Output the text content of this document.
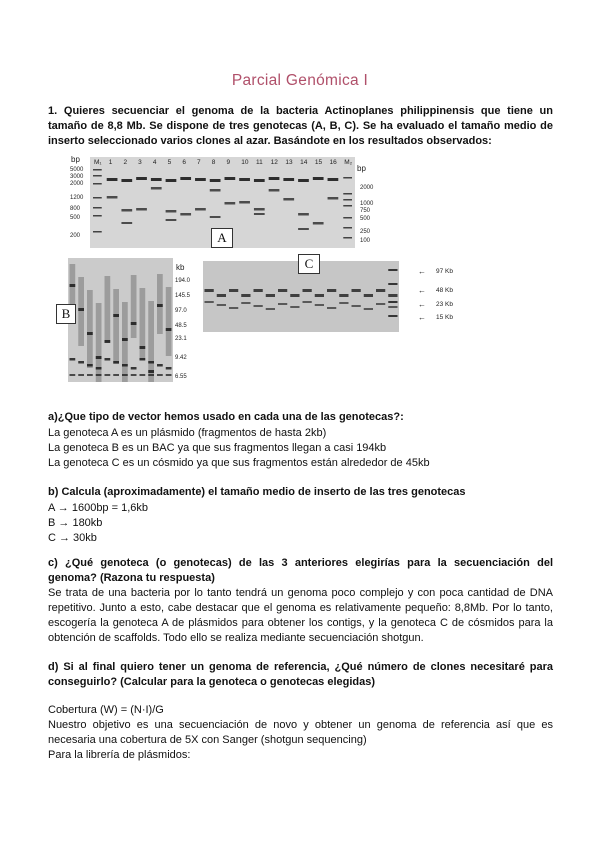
Parcial Genómica I
1. Quieres secuenciar el genoma de la bacteria Actinoplanes philippinensis que tiene un
tamaño de 8,8 Mb. Se dispone de tres genotecas (A, B, C). Se ha evaluado el tamaño medio de
inserto seleccionado varios clones al azar. Basándote en los resultados observados:
M₁ 1 2 3 4 5 6 7 8 9 10 11 12 13 14 15 16 M₂
bp
5000
3000
2000
1200
800
500
200
bp
2000
1000
750
500
250
100
A
kb
194.0
145.5
97.0
48.5
23.1
9.42
6.55
B
← 97 Kb
← 48 Kb
← 23 Kb
← 15 Kb
C
a)¿Que tipo de vector hemos usado en cada una de las genotecas?:
La genoteca A es un plásmido (fragmentos de hasta 2kb)
La genoteca B es un BAC ya que sus fragmentos llegan a casi 194kb
La genoteca C es un cósmido ya que sus fragmentos están alrededor de 45kb
b) Calcula (aproximadamente) el tamaño medio de inserto de las tres genotecas
A → 1600bp = 1,6kb
B → 180kb
C → 30kb
c) ¿Qué genoteca (o genotecas) de las 3 anteriores elegirías para la secuenciación del
genoma? (Razona tu respuesta)
Se trata de una bacteria por lo tanto tendrá un genoma poco complejo y con poca cantidad de DNA
repetitivo. Junto a esto, cabe destacar que el genoma es relativamente pequeño: 8,8Mb. Por lo tanto,
escogería la genoteca A de plásmidos para obtener los contigs, y la genoteca C de cósmidos para la
obtención de scaffolds. Todo ello se realiza mediante secuenciación shotgun.
d) Si al final quiero tener un genoma de referencia, ¿Qué número de clones necesitaré para
conseguirlo? (Calcular para la genoteca o genotecas elegidas)
Cobertura (W) = (N·I)/G
Nuestro objetivo es una secuenciación de novo y obtener un genoma de referencia así que es
necesaria una cobertura de 5X con Sanger (shotgun sequencing)
Para la librería de plásmidos:
